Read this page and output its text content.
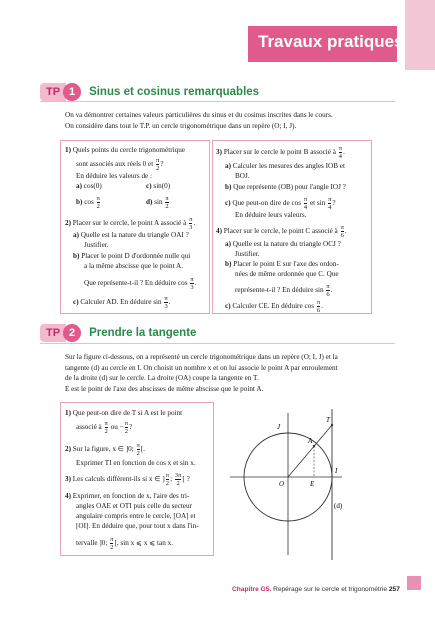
Travaux pratiques
TP 1	Sinus et cosinus remarquables
On va démontrer certaines valeurs particulières du sinus et du cosinus inscrites dans le cours.
On considère dans tout le T.P. un cercle trigonométrique dans un repère (O; I, J).
1) Quels points du cercle trigonométrique
sont associés aux réels 0 et $\frac{\pi}{2}$ ?
En déduire les valeurs de :
a) cos(0)	c) sin(0)
b) $\cos \frac{\pi}{2}$	d) $\sin \frac{\pi}{2}$
2) Placer sur le cercle, le point A associé à $\frac{\pi}{3}$ .
a) Quelle est la nature du triangle OAI ?
Justifier.
b) Placer le point D d'ordonnée nulle qui
a la même abscisse que le point A.
Que représente-t-il ? En déduire $\cos \frac{\pi}{3}$ .
c) Calculer AD. En déduire $\sin \frac{\pi}{3}$ .
3) Placer sur le cercle le point B associé à $\frac{\pi}{4}$ .
a) Calculer les mesures des angles IOB et
BOJ.
b) Que représente (OB) pour l'angle IOJ ?
c) Que peut-on dire de $\cos \frac{\pi}{4}$ et $\sin \frac{\pi}{4}$ ?
En déduire leurs valeurs.
4) Placer sur le cercle, le point C associé à $\frac{\pi}{6}$ .
a) Quelle est la nature du triangle OCJ ?
Justifier.
b) Placer le point E sur l'axe des ordon-
nées de même ordonnée que C. Que
représente-t-il ? En déduire $\sin \frac{\pi}{6}$ .
c) Calculer CE. En déduire $\cos \frac{\pi}{6}$ .
TP 2	Prendre la tangente
Sur la figure ci-dessous, on a représenté un cercle trigonométrique dans un repère (O; I, J) et la
tangente (d) au cercle en I. On choisit un nombre x et on lui associe le point A par enroulement
de la droite (d) sur le cercle. La droite (OA) coupe la tangente en T.
E est le point de l'axe des abscisses de même abscisse que le point A.
1) Que peut-on dire de T si A est le point
associé à $\frac{\pi}{2}$ ou − $\frac{\pi}{2}$ ?
2) Sur la figure, x ∈ ]0; $\frac{\pi}{2}$ [.
Exprimer TI en fonction de cos x et sin x.
3) Les calculs diffèrent-ils si x ∈ ] $\frac{\pi}{2}$ ; $\frac{3\pi}{2}$ [ ?
4) Exprimer, en fonction de x, l'aire des tri-
angles OAE et OTI puis celle du secteur
angulaire compris entre le cercle, [OA] et
[OI]. En déduire que, pour tout x dans l'in-
tervalle ]0; $\frac{\pi}{2}$ [, sin x ⩽ x ⩽ tan x.
J
T
A
I
O	E
(d)
Chapitre G5. Repérage sur le cercle et trigonométrie 257
